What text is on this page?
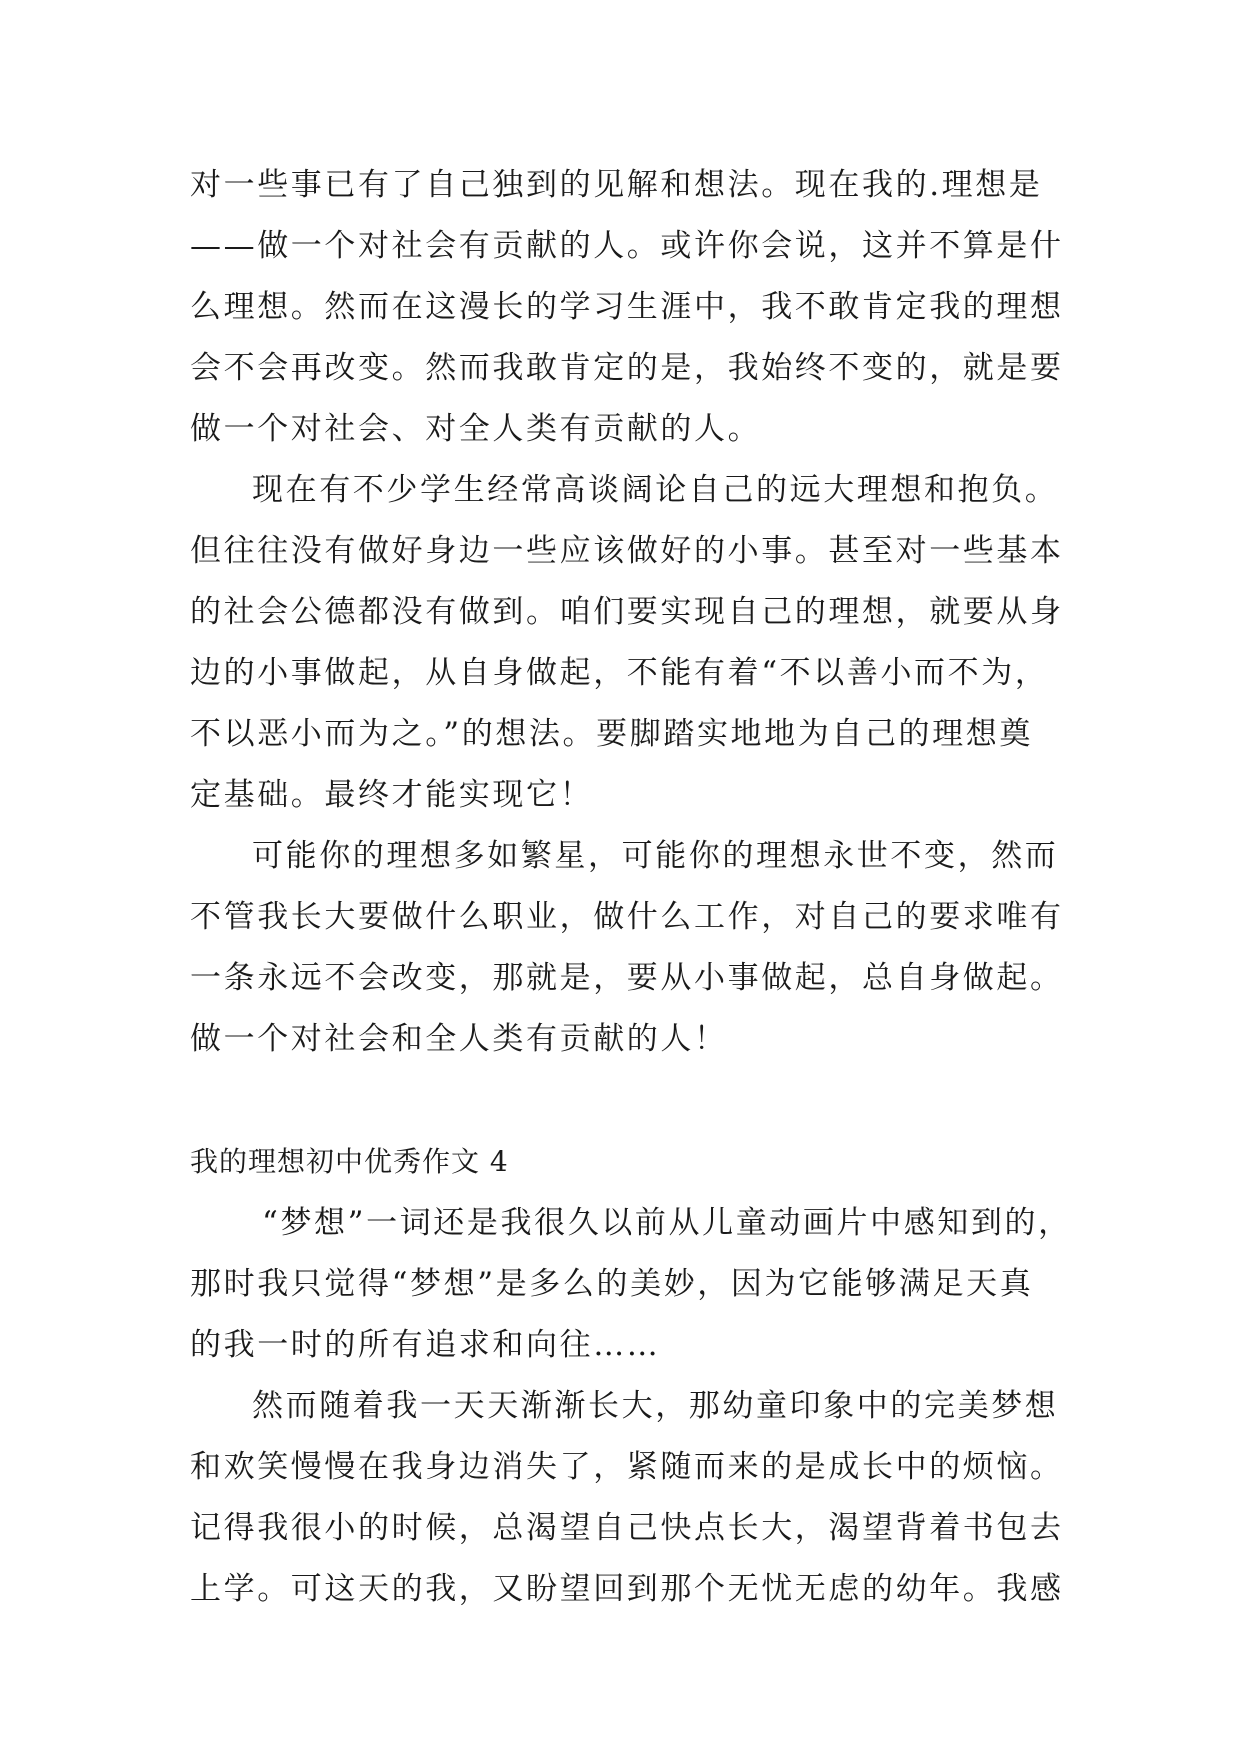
对一些事已有了自己独到的见解和想法。现在我的.理想是
——做一个对社会有贡献的人。或许你会说，这并不算是什
么理想。然而在这漫长的学习生涯中，我不敢肯定我的理想
会不会再改变。然而我敢肯定的是，我始终不变的，就是要
做一个对社会、对全人类有贡献的人。
现在有不少学生经常高谈阔论自己的远大理想和抱负。
但往往没有做好身边一些应该做好的小事。甚至对一些基本
的社会公德都没有做到。咱们要实现自己的理想，就要从身
边的小事做起，从自身做起，不能有着“不以善小而不为，
不以恶小而为之。”的想法。要脚踏实地地为自己的理想奠
定基础。最终才能实现它！
可能你的理想多如繁星，可能你的理想永世不变，然而
不管我长大要做什么职业，做什么工作，对自己的要求唯有
一条永远不会改变，那就是，要从小事做起，总自身做起。
做一个对社会和全人类有贡献的人！
我的理想初中优秀作文 4
“梦想”一词还是我很久以前从儿童动画片中感知到的，
那时我只觉得“梦想”是多么的美妙，因为它能够满足天真
的我一时的所有追求和向往……
然而随着我一天天渐渐长大，那幼童印象中的完美梦想
和欢笑慢慢在我身边消失了，紧随而来的是成长中的烦恼。
记得我很小的时候，总渴望自己快点长大，渴望背着书包去
上学。可这天的我，又盼望回到那个无忧无虑的幼年。我感
